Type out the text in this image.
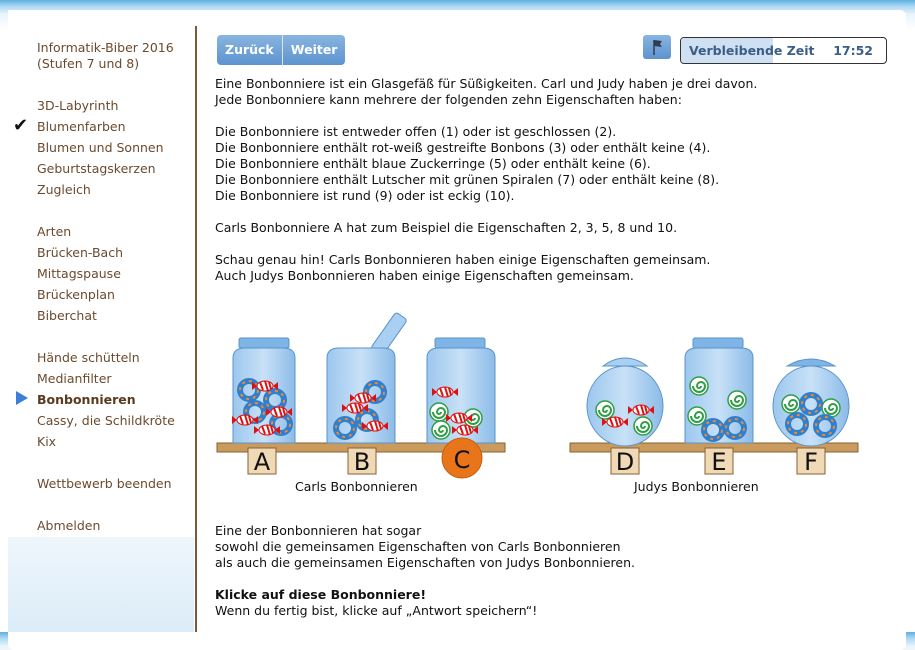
Informatik-Biber 2016
(Stufen 7 und 8)
3D-Labyrinth
Blumenfarben
Blumen und Sonnen
Geburtstagskerzen
Zugleich
Arten
Brücken-Bach
Mittagspause
Brückenplan
Biberchat
Hände schütteln
Medianfilter
Bonbonnieren
Cassy, die Schildkröte
Kix
Wettbewerb beenden
Abmelden
✔
Zurück	Weiter	Verbleibende Zeit 17:52
Eine Bonbonniere ist ein Glasgefäß für Süßigkeiten. Carl und Judy haben je drei davon.
Jede Bonbonniere kann mehrere der folgenden zehn Eigenschaften haben:
Die Bonbonniere ist entweder offen (1) oder ist geschlossen (2).
Die Bonbonniere enthält rot-weiß gestreifte Bonbons (3) oder enthält keine (4).
Die Bonbonniere enthält blaue Zuckerringe (5) oder enthält keine (6).
Die Bonbonniere enthält Lutscher mit grünen Spiralen (7) oder enthält keine (8).
Die Bonbonniere ist rund (9) oder ist eckig (10).
Carls Bonbonniere A hat zum Beispiel die Eigenschaften 2, 3, 5, 8 und 10.
Schau genau hin! Carls Bonbonnieren haben einige Eigenschaften gemeinsam.
Auch Judys Bonbonnieren haben einige Eigenschaften gemeinsam.
A	B	C	D	E	F
Carls Bonbonnieren	Judys Bonbonnieren
Eine der Bonbonnieren hat sogar
sowohl die gemeinsamen Eigenschaften von Carls Bonbonnieren
als auch die gemeinsamen Eigenschaften von Judys Bonbonnieren.
Klicke auf diese Bonbonniere!
Wenn du fertig bist, klicke auf „Antwort speichern“!
